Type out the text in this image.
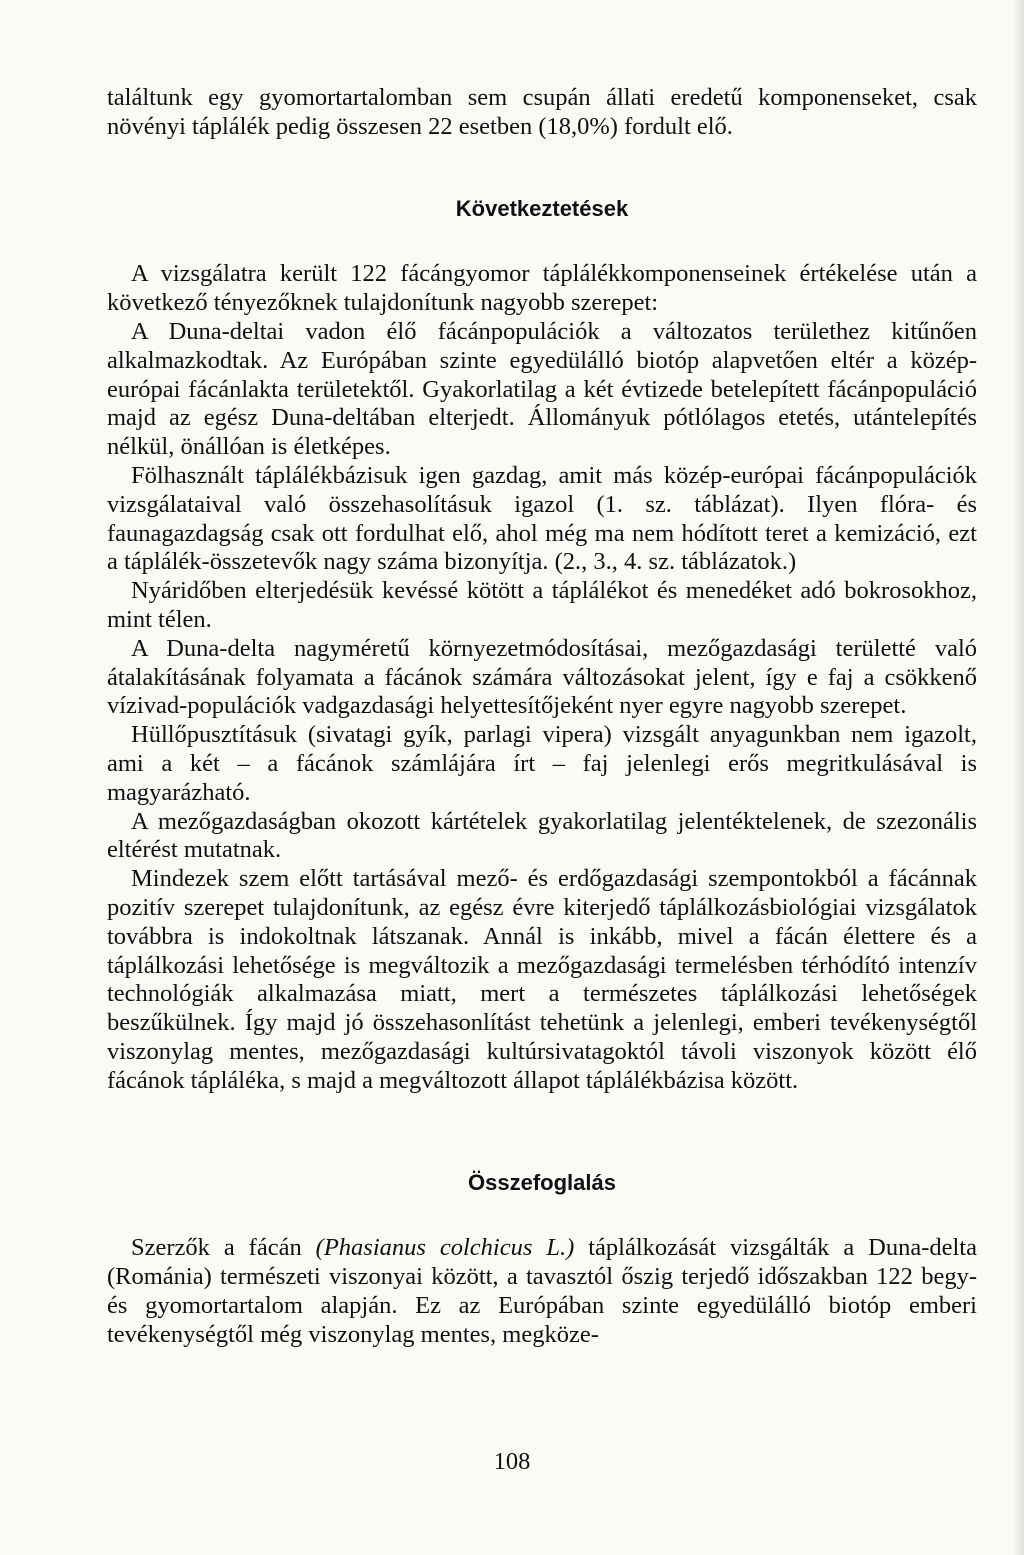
találtunk egy gyomortartalomban sem csupán állati eredetű komponenseket, csak növényi táplálék pedig összesen 22 esetben (18,0%) fordult elő.

Következtetések

A vizsgálatra került 122 fácángyomor táplálékkomponenseinek értékelése után a következő tényezőknek tulajdonítunk nagyobb szerepet:

A Duna-deltai vadon élő fácánpopulációk a változatos területhez kitűnően alkalmazkodtak. Az Európában szinte egyedülálló biotóp alapvetően eltér a közép-európai fácánlakta területektől. Gyakorlatilag a két évtizede betelepített fácánpopuláció majd az egész Duna-deltában elterjedt. Állományuk pótlólagos etetés, utántelepítés nélkül, önállóan is életképes.

Fölhasznált táplálékbázisuk igen gazdag, amit más közép-európai fácánpopulációk vizsgálataival való összehasolításuk igazol (1. sz. táblázat). Ilyen flóra- és faunagazdagság csak ott fordulhat elő, ahol még ma nem hódított teret a kemizáció, ezt a táplálék-összetevők nagy száma bizonyítja. (2., 3., 4. sz. táblázatok.)

Nyáridőben elterjedésük kevéssé kötött a táplálékot és menedéket adó bokrosokhoz, mint télen.

A Duna-delta nagyméretű környezetmódosításai, mezőgazdasági területté való átalakításának folyamata a fácánok számára változásokat jelent, így e faj a csökkenő vízivad-populációk vadgazdasági helyettesítőjeként nyer egyre nagyobb szerepet.

Hüllőpusztításuk (sivatagi gyík, parlagi vipera) vizsgált anyagunkban nem igazolt, ami a két – a fácánok számlájára írt – faj jelenlegi erős megritkulásával is magyarázható.

A mezőgazdaságban okozott kártételek gyakorlatilag jelentéktelenek, de szezonális eltérést mutatnak.

Mindezek szem előtt tartásával mező- és erdőgazdasági szempontokból a fácánnak pozitív szerepet tulajdonítunk, az egész évre kiterjedő táplálkozásbiológiai vizsgálatok továbbra is indokoltnak látszanak. Annál is inkább, mivel a fácán élettere és a táplálkozási lehetősége is megváltozik a mezőgazdasági termelésben térhódító intenzív technológiák alkalmazása miatt, mert a természetes táplálkozási lehetőségek beszűkülnek. Így majd jó összehasonlítást tehetünk a jelenlegi, emberi tevékenységtől viszonylag mentes, mezőgazdasági kultúrsivatagoktól távoli viszonyok között élő fácánok tápláléka, s majd a megváltozott állapot táplálékbázisa között.

Összefoglalás

Szerzők a fácán (Phasianus colchicus L.) táplálkozását vizsgálták a Duna-delta (Románia) természeti viszonyai között, a tavasztól őszig terjedő időszakban 122 begy- és gyomortartalom alapján. Ez az Európában szinte egyedülálló biotóp emberi tevékenységtől még viszonylag mentes, megköze-

108
